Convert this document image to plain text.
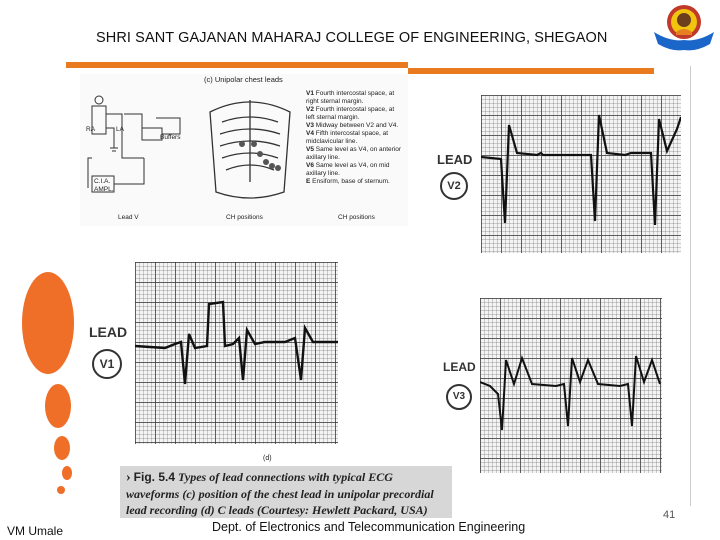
SHRI SANT GAJANAN MAHARAJ COLLEGE OF ENGINEERING, SHEGAON
(c) Unipolar chest leads
RA	LA
Buffers
C.I.A.
AMPL.
V1 Fourth intercostal space, at right sternal margin.
V2 Fourth intercostal space, at left sternal margin.
V3 Midway between V2 and V4.
V4 Fifth intercostal space, at midclavicular line.
V5 Same level as V4, on anterior axillary line.
V6 Same level as V4, on mid axillary line.
E Ensiform, base of sternum.
Lead V	CH positions	CH positions
LEAD
V2
LEAD
V1
(d)
LEAD
V3
› Fig. 5.4 Types of lead connections with typical ECG waveforms (c) position of the chest lead in unipolar precordial lead recording (d) C leads (Courtesy: Hewlett Packard, USA)
VM Umale	Dept. of Electronics and Telecommunication Engineering
41
